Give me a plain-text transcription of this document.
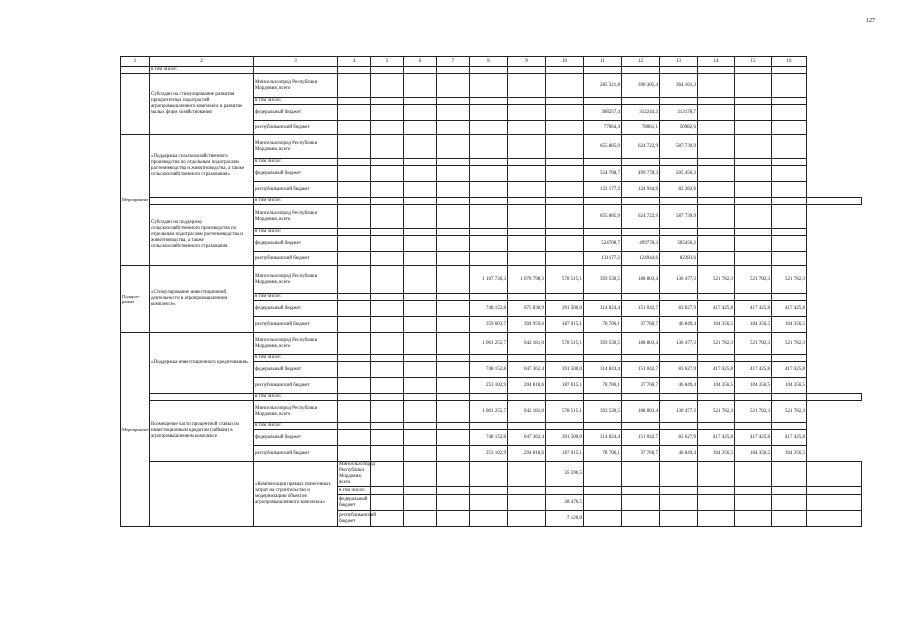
127
1	2	3	4	5	6	7	8	9	10	11	12	13	14	15	16	
	в том числе:															
	Субсидии на стимулирование развития приоритетных подотраслей агропромышленного комплекса и развитие малых форм хозяйствования	Минсельхозпрод Республики Мордовия, всего								285 321,8	390 305,4	364 161,3				
		в том числе:														
		федеральный бюджет								308257,4	312244,3	313178,7				
		республиканский бюджет								77064,4	78061,1	50982,6				
Мероприятие	«Поддержка сельскохозяйственного производства по отдельным подотраслям растениеводства и животноводства, а также сельскохозяйственного страхования»	Минсельхозпрод Республики Мордовия, всего								655 885,9	624 722,9	587 739,9				
		в том числе:														
		федеральный бюджет								524 708,7	499 778,3	505 456,3				
		республиканский бюджет								131 177,2	124 944,6	82 283,6				
		в том числе:														
	Субсидии на поддержку сельскохозяйственного производства по отдельным подотраслям растениеводства и животноводства, а также сельскохозяйственного страхования	Минсельхозпрод Республики Мордовия, всего								655 885,9	624 722,9	587 739,9				
		в том числе:														
		федеральный бюджет								524708,7	499778,3	505456,3				
		республиканский бюджет								131177,2	124944,6	82283,6				
Подпрог-рамма	«Стимулирование инвестиционной деятельности в агропромышленном комплексе»	Минсельхозпрод Республики Мордовия, всего					1 107 736,3	1 070 798,3	578 515,1	393 530,5	188 803,4	130 477,3	521 782,3	521 782,3	521 782,3	
		в том числе:														
		федеральный бюджет					748 152,8	675 838,9	391 500,0	314 824,4	151 042,7	83 627,9	417 425,8	417 425,8	417 425,8	
		республиканский бюджет					359 603,7	394 959,6	187 015,1	78 706,1	37 760,7	46 849,4	104 356,5	104 356,5	104 356,5	
Мероприятие	«Поддержка инвестиционного кредитования»	Минсельхозпрод Республики Мордовия, всего					1 001 255,7	942 181,0	578 515,1	393 530,5	188 803,4	130 477,3	521 782,3	521 782,3	521 782,3	
		в том числе:														
		федеральный бюджет					748 152,8	647 362,4	391 500,0	314 824,4	151 042,7	83 627,9	417 425,8	417 425,8	417 425,8	
		республиканский бюджет					253 102,9	294 818,6	187 015,1	78 706,1	37 760,7	46 849,4	104 356,5	104 356,5	104 356,5	
		в том числе:														
	Возмещение части процентной ставки по инвестиционным кредитам (займам) в агропромышленном комплексе	Минсельхозпрод Республики Мордовия, всего					1 001 255,7	942 181,0	578 515,1	393 530,5	188 803,4	130 477,3	521 782,3	521 782,3	521 782,3	
		в том числе:														
		федеральный бюджет					748 152,8	647 362,4	391 500,0	314 824,4	151 042,7	83 627,9	417 425,8	417 425,8	417 425,8	
		республиканский бюджет					253 102,9	294 818,6	187 015,1	78 706,1	37 760,7	46 849,4	104 356,5	104 356,5	104 356,5	
		«Компенсация прямых понесенных затрат на строительство и модернизацию объектов агропромышленного комплекса»	Минсельхозпрод Республики Мордовия, всего						35 596,5							
			в том числе:													
			федеральный бюджет						28 476,5							
			республиканский бюджет						7 120,0							
